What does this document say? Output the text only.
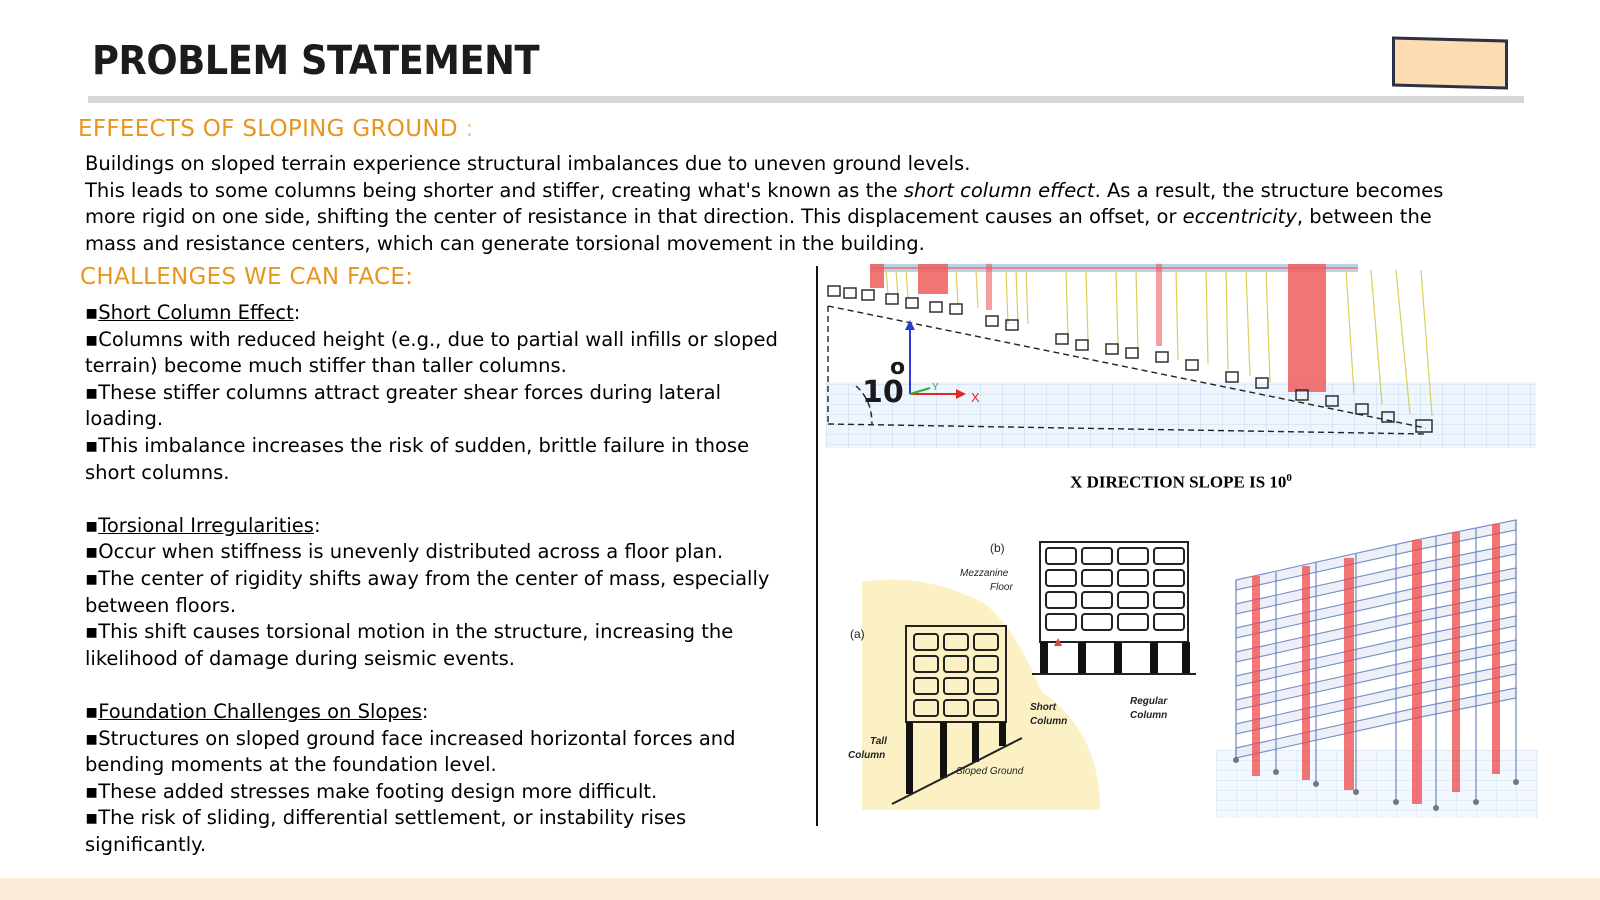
PROBLEM STATEMENT
EFFEECTS OF SLOPING GROUND :

Buildings on sloped terrain experience structural imbalances due to uneven ground levels.

This leads to some columns being shorter and stiffer, creating what's known as the short column effect. As a result, the structure becomes

more rigid on one side, shifting the center of resistance in that direction. This displacement causes an offset, or eccentricity, between the

mass and resistance centers, which can generate torsional movement in the building.

CHALLENGES WE CAN FACE:
▪Short Column Effect:
▪Columns with reduced height (e.g., due to partial wall infills or sloped
terrain) become much stiffer than taller columns.
▪These stiffer columns attract greater shear forces during lateral
loading.
▪This imbalance increases the risk of sudden, brittle failure in those
short columns.
▪Torsional Irregularities:
▪Occur when stiffness is unevenly distributed across a floor plan.
▪The center of rigidity shifts away from the center of mass, especially
between floors.
▪This shift causes torsional motion in the structure, increasing the
likelihood of damage during seismic events.
▪Foundation Challenges on Slopes:
▪Structures on sloped ground face increased horizontal forces and
bending moments at the foundation level.
▪These added stresses make footing design more difficult.
▪The risk of sliding, differential settlement, or instability rises
significantly.
X
Y
10
o
X DIRECTION SLOPE IS $10^0$
(a)
(b)
Mezzanine
Floor
Tall
Column
Short
Column
Regular
Column
Sloped Ground
